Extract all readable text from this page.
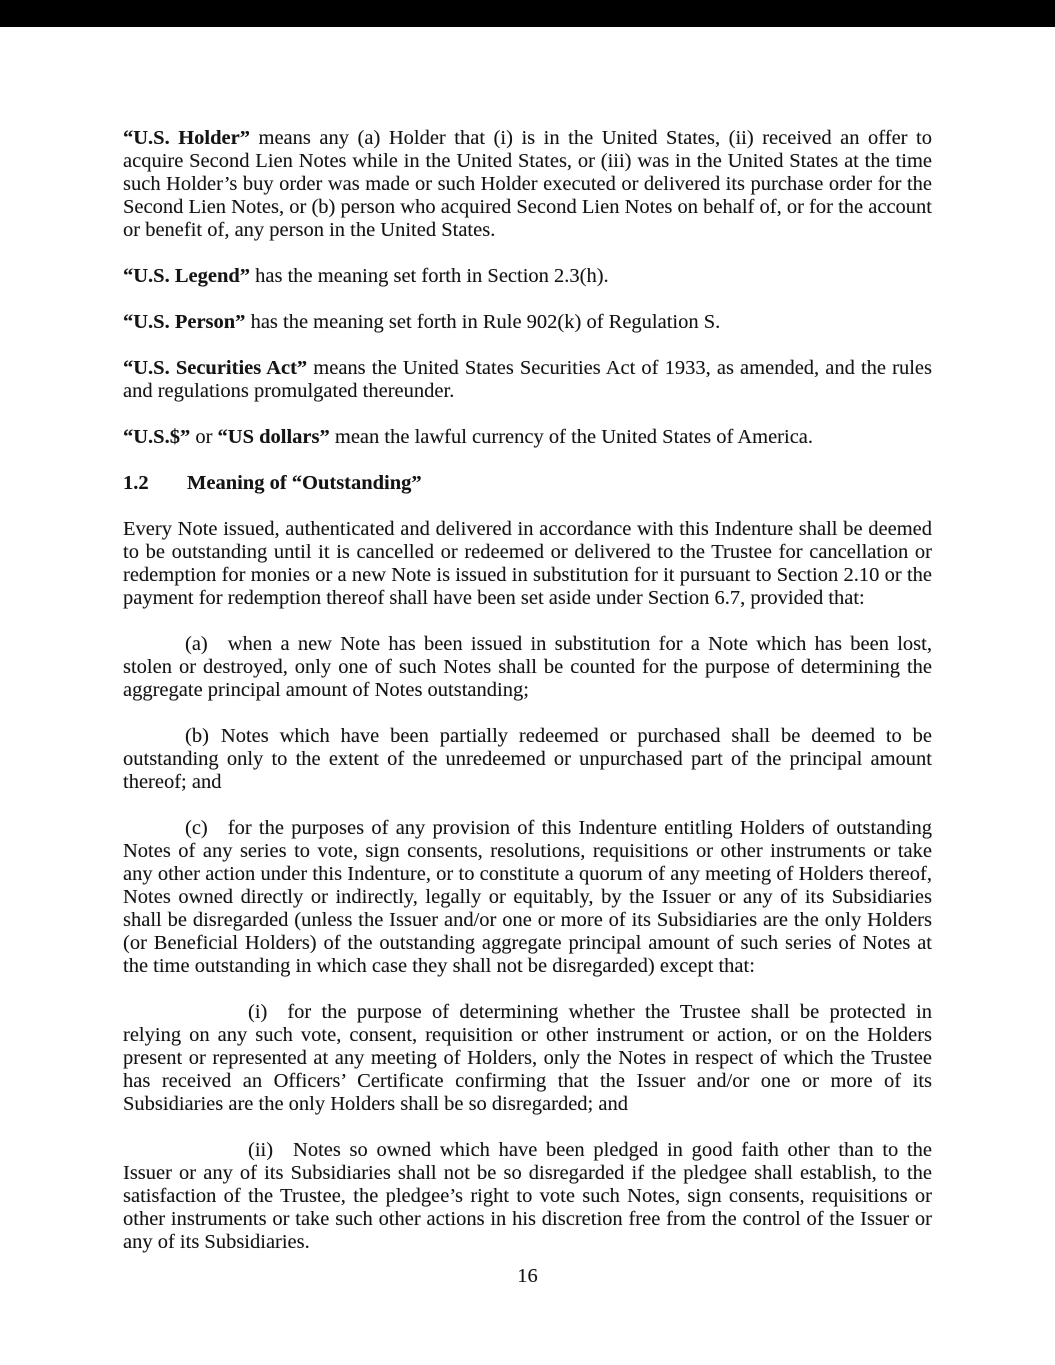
“U.S. Holder” means any (a) Holder that (i) is in the United States, (ii) received an offer to acquire Second Lien Notes while in the United States, or (iii) was in the United States at the time such Holder’s buy order was made or such Holder executed or delivered its purchase order for the Second Lien Notes, or (b) person who acquired Second Lien Notes on behalf of, or for the account or benefit of, any person in the United States.

“U.S. Legend” has the meaning set forth in Section 2.3(h).

“U.S. Person” has the meaning set forth in Rule 902(k) of Regulation S.

“U.S. Securities Act” means the United States Securities Act of 1933, as amended, and the rules and regulations promulgated thereunder.

“U.S.$” or “US dollars” mean the lawful currency of the United States of America.

1.2 Meaning of “Outstanding”

Every Note issued, authenticated and delivered in accordance with this Indenture shall be deemed to be outstanding until it is cancelled or redeemed or delivered to the Trustee for cancellation or redemption for monies or a new Note is issued in substitution for it pursuant to Section 2.10 or the payment for redemption thereof shall have been set aside under Section 6.7, provided that:

(a) when a new Note has been issued in substitution for a Note which has been lost, stolen or destroyed, only one of such Notes shall be counted for the purpose of determining the aggregate principal amount of Notes outstanding;

(b) Notes which have been partially redeemed or purchased shall be deemed to be outstanding only to the extent of the unredeemed or unpurchased part of the principal amount thereof; and

(c) for the purposes of any provision of this Indenture entitling Holders of outstanding Notes of any series to vote, sign consents, resolutions, requisitions or other instruments or take any other action under this Indenture, or to constitute a quorum of any meeting of Holders thereof, Notes owned directly or indirectly, legally or equitably, by the Issuer or any of its Subsidiaries shall be disregarded (unless the Issuer and/or one or more of its Subsidiaries are the only Holders (or Beneficial Holders) of the outstanding aggregate principal amount of such series of Notes at the time outstanding in which case they shall not be disregarded) except that:

(i) for the purpose of determining whether the Trustee shall be protected in relying on any such vote, consent, requisition or other instrument or action, or on the Holders present or represented at any meeting of Holders, only the Notes in respect of which the Trustee has received an Officers’ Certificate confirming that the Issuer and/or one or more of its Subsidiaries are the only Holders shall be so disregarded; and

(ii) Notes so owned which have been pledged in good faith other than to the Issuer or any of its Subsidiaries shall not be so disregarded if the pledgee shall establish, to the satisfaction of the Trustee, the pledgee’s right to vote such Notes, sign consents, requisitions or other instruments or take such other actions in his discretion free from the control of the Issuer or any of its Subsidiaries.

16
